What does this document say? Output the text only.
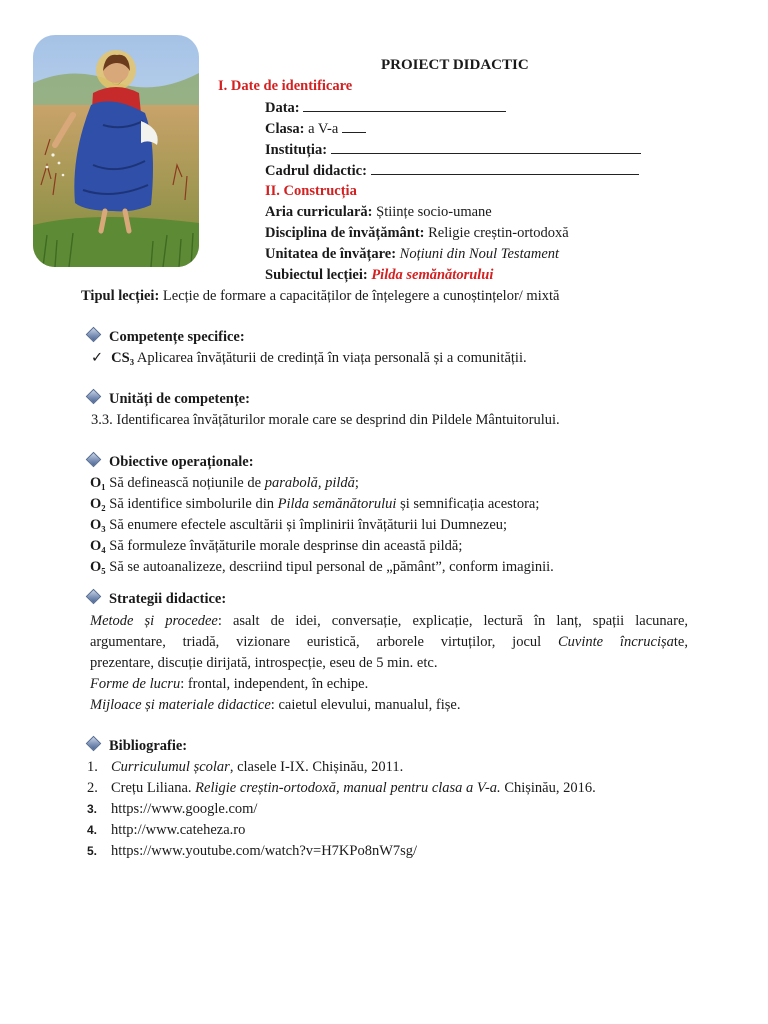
PROIECT DIDACTIC
I. Date de identificare
Data:
Clasa: a V-a
Instituția:
Cadrul didactic:
II. Construcția
Aria curriculară: Științe socio-umane
Disciplina de învățământ: Religie creștin-ortodoxă
Unitatea de învățare: Noțiuni din Noul Testament
Subiectul lecției: Pilda semănătorului
Tipul lecției: Lecție de formare a capacităților de înțelegere a cunoștințelor/ mixtă
Competențe specifice:
✓ CS₃ Aplicarea învățăturii de credință în viața personală și a comunității.
Unități de competențe:
3.3. Identificarea învățăturilor morale care se desprind din Pildele Mântuitorului.
Obiective operaționale:
O₁ Să definească noțiunile de parabolă, pildă;
O₂ Să identifice simbolurile din Pilda semănătorului și semnificația acestora;
O₃ Să enumere efectele ascultării și împlinirii învățăturii lui Dumnezeu;
O₄ Să formuleze învățăturile morale desprinse din această pildă;
O₅ Să se autoanalizeze, descriind tipul personal de „pământ”, conform imaginii.
Strategii didactice:
Metode și procedee: asalt de idei, conversație, explicație, lectură în lanț, spații lacunare,
argumentare, triadă, vizionare euristică, arborele virtuților, jocul Cuvinte încrucișate,
prezentare, discuție dirijată, introspecție, eseu de 5 min. etc.
Forme de lucru: frontal, independent, în echipe.
Mijloace și materiale didactice: caietul elevului, manualul, fișe.
Bibliografie:
1. Curriculumul școlar, clasele I-IX. Chișinău, 2011.
2. Crețu Liliana. Religie creștin-ortodoxă, manual pentru clasa a V-a. Chișinău, 2016.
3. https://www.google.com/
4. http://www.cateheza.ro
5. https://www.youtube.com/watch?v=H7KPo8nW7sg/
